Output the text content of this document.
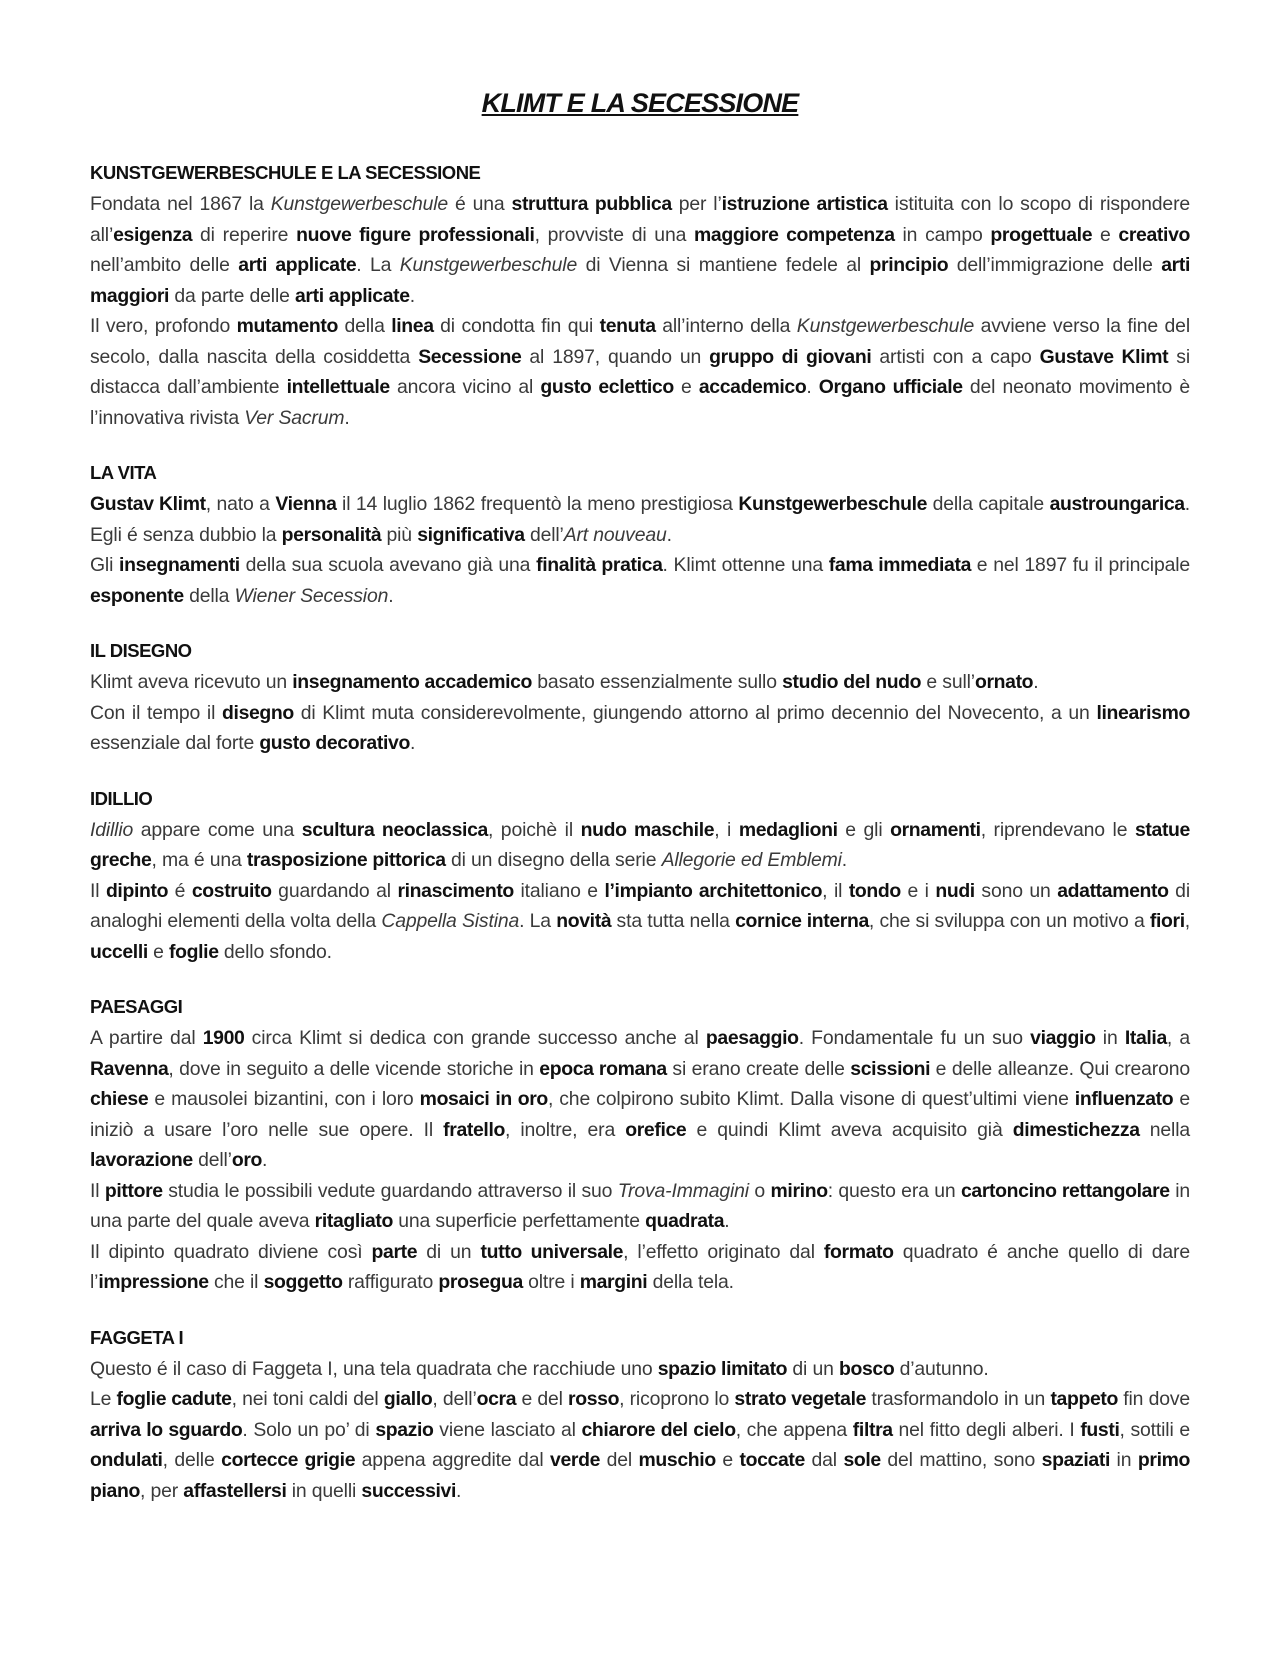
KLIMT E LA SECESSIONE
KUNSTGEWERBESCHULE E LA SECESSIONE
Fondata nel 1867 la Kunstgewerbeschule é una struttura pubblica per l’istruzione artistica istituita con lo scopo di rispondere all’esigenza di reperire nuove figure professionali, provviste di una maggiore competenza in campo progettuale e creativo nell’ambito delle arti applicate. La Kunstgewerbeschule di Vienna si mantiene fedele al principio dell’immigrazione delle arti maggiori da parte delle arti applicate.
Il vero, profondo mutamento della linea di condotta fin qui tenuta all’interno della Kunstgewerbeschule avviene verso la fine del secolo, dalla nascita della cosiddetta Secessione al 1897, quando un gruppo di giovani artisti con a capo Gustave Klimt si distacca dall’ambiente intellettuale ancora vicino al gusto eclettico e accademico. Organo ufficiale del neonato movimento è l’innovativa rivista Ver Sacrum.
LA VITA
Gustav Klimt, nato a Vienna il 14 luglio 1862 frequentò la meno prestigiosa Kunstgewerbeschule della capitale austroungarica. Egli é senza dubbio la personalità più significativa dell’Art nouveau.
Gli insegnamenti della sua scuola avevano già una finalità pratica. Klimt ottenne una fama immediata e nel 1897 fu il principale esponente della Wiener Secession.
IL DISEGNO
Klimt aveva ricevuto un insegnamento accademico basato essenzialmente sullo studio del nudo e sull’ornato.
Con il tempo il disegno di Klimt muta considerevolmente, giungendo attorno al primo decennio del Novecento, a un linearismo essenziale dal forte gusto decorativo.
IDILLIO
Idillio appare come una scultura neoclassica, poichè il nudo maschile, i medaglioni e gli ornamenti, riprendevano le statue greche, ma é una trasposizione pittorica di un disegno della serie Allegorie ed Emblemi.
Il dipinto é costruito guardando al rinascimento italiano e l’impianto architettonico, il tondo e i nudi sono un adattamento di analoghi elementi della volta della Cappella Sistina. La novità sta tutta nella cornice interna, che si sviluppa con un motivo a fiori, uccelli e foglie dello sfondo.
PAESAGGI
A partire dal 1900 circa Klimt si dedica con grande successo anche al paesaggio. Fondamentale fu un suo viaggio in Italia, a Ravenna, dove in seguito a delle vicende storiche in epoca romana si erano create delle scissioni e delle alleanze. Qui crearono chiese e mausolei bizantini, con i loro mosaici in oro, che colpirono subito Klimt. Dalla visone di quest’ultimi viene influenzato e iniziò a usare l’oro nelle sue opere. Il fratello, inoltre, era orefice e quindi Klimt aveva acquisito già dimestichezza nella lavorazione dell’oro.
Il pittore studia le possibili vedute guardando attraverso il suo Trova-Immagini o mirino: questo era un cartoncino rettangolare in una parte del quale aveva ritagliato una superficie perfettamente quadrata.
Il dipinto quadrato diviene così parte di un tutto universale, l’effetto originato dal formato quadrato é anche quello di dare l’impressione che il soggetto raffigurato prosegua oltre i margini della tela.
FAGGETA I
Questo é il caso di Faggeta I, una tela quadrata che racchiude uno spazio limitato di un bosco d’autunno.
Le foglie cadute, nei toni caldi del giallo, dell’ocra e del rosso, ricoprono lo strato vegetale trasformandolo in un tappeto fin dove arriva lo sguardo. Solo un po’ di spazio viene lasciato al chiarore del cielo, che appena filtra nel fitto degli alberi. I fusti, sottili e ondulati, delle cortecce grigie appena aggredite dal verde del muschio e toccate dal sole del mattino, sono spaziati in primo piano, per affastellersi in quelli successivi.
